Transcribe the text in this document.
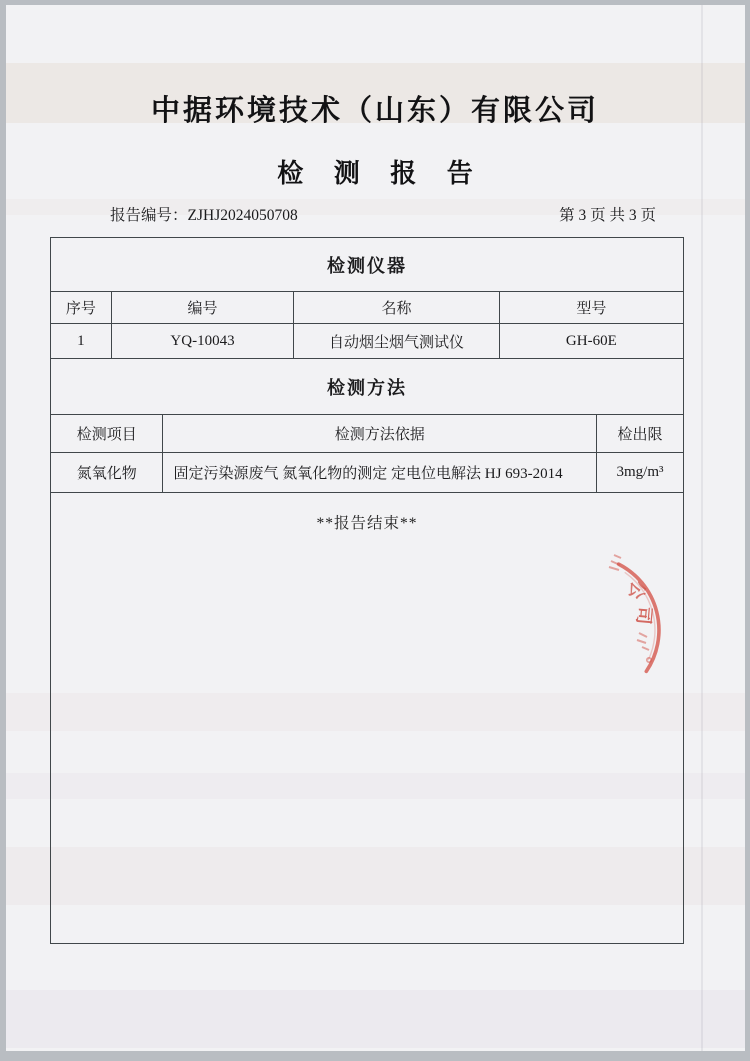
中据环境技术（山东）有限公司
检 测 报 告
报告编号：ZJHJ2024050708	第 3 页 共 3 页
检测仪器
序号	编号	名称	型号
1	YQ-10043	自动烟尘烟气测试仪	GH-60E
检测方法
检测项目	检测方法依据	检出限
氮氧化物	固定污染源废气 氮氧化物的测定 定电位电解法 HJ 693-2014	3mg/m³
**报告结束**
公
司
